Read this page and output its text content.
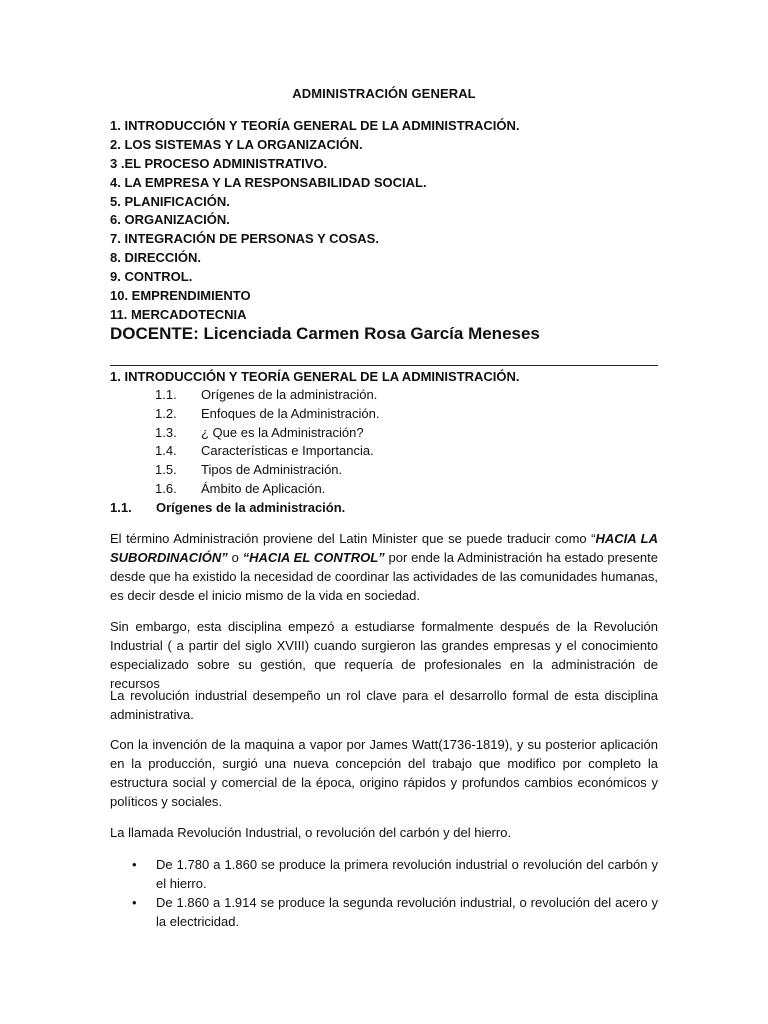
ADMINISTRACIÓN GENERAL
1. INTRODUCCIÓN Y TEORÍA GENERAL DE LA ADMINISTRACIÓN.
2. LOS SISTEMAS Y LA ORGANIZACIÓN.
3 .EL PROCESO ADMINISTRATIVO.
4. LA EMPRESA Y LA RESPONSABILIDAD SOCIAL.
5. PLANIFICACIÓN.
6. ORGANIZACIÓN.
7. INTEGRACIÓN DE PERSONAS Y COSAS.
8. DIRECCIÓN.
9. CONTROL.
10. EMPRENDIMIENTO
11. MERCADOTECNIA
DOCENTE: Licenciada Carmen Rosa García Meneses
1. INTRODUCCIÓN Y TEORÍA GENERAL DE LA ADMINISTRACIÓN.
1.1. Orígenes de la administración.
1.2. Enfoques de la Administración.
1.3. ¿ Que es la Administración?
1.4. Características e Importancia.
1.5. Tipos de Administración.
1.6. Ámbito de Aplicación.
1.1. Orígenes de la administración.
El término Administración proviene del Latin Minister que se puede traducir como “HACIA LA SUBORDINACIÓN” o “HACIA EL CONTROL” por ende la Administración ha estado presente desde que ha existido la necesidad de coordinar las actividades de las comunidades humanas, es decir desde el inicio mismo de la vida en sociedad.
Sin embargo, esta disciplina empezó a estudiarse formalmente después de la Revolución Industrial ( a partir del siglo XVIII) cuando surgieron las grandes empresas y el conocimiento especializado sobre su gestión, que requería de profesionales en la administración de recursos
La revolución industrial desempeño un rol clave para el desarrollo formal de esta disciplina administrativa.
Con la invención de la maquina a vapor por James Watt(1736-1819), y su posterior aplicación en la producción, surgió una nueva concepción del trabajo que modifico por completo la estructura social y comercial de la época, origino rápidos y profundos cambios económicos y políticos y sociales.
La llamada Revolución Industrial, o revolución del carbón y del hierro.
• De 1.780 a 1.860 se produce la primera revolución industrial o revolución del carbón y el hierro.
• De 1.860 a 1.914 se produce la segunda revolución industrial, o revolución del acero y la electricidad.
